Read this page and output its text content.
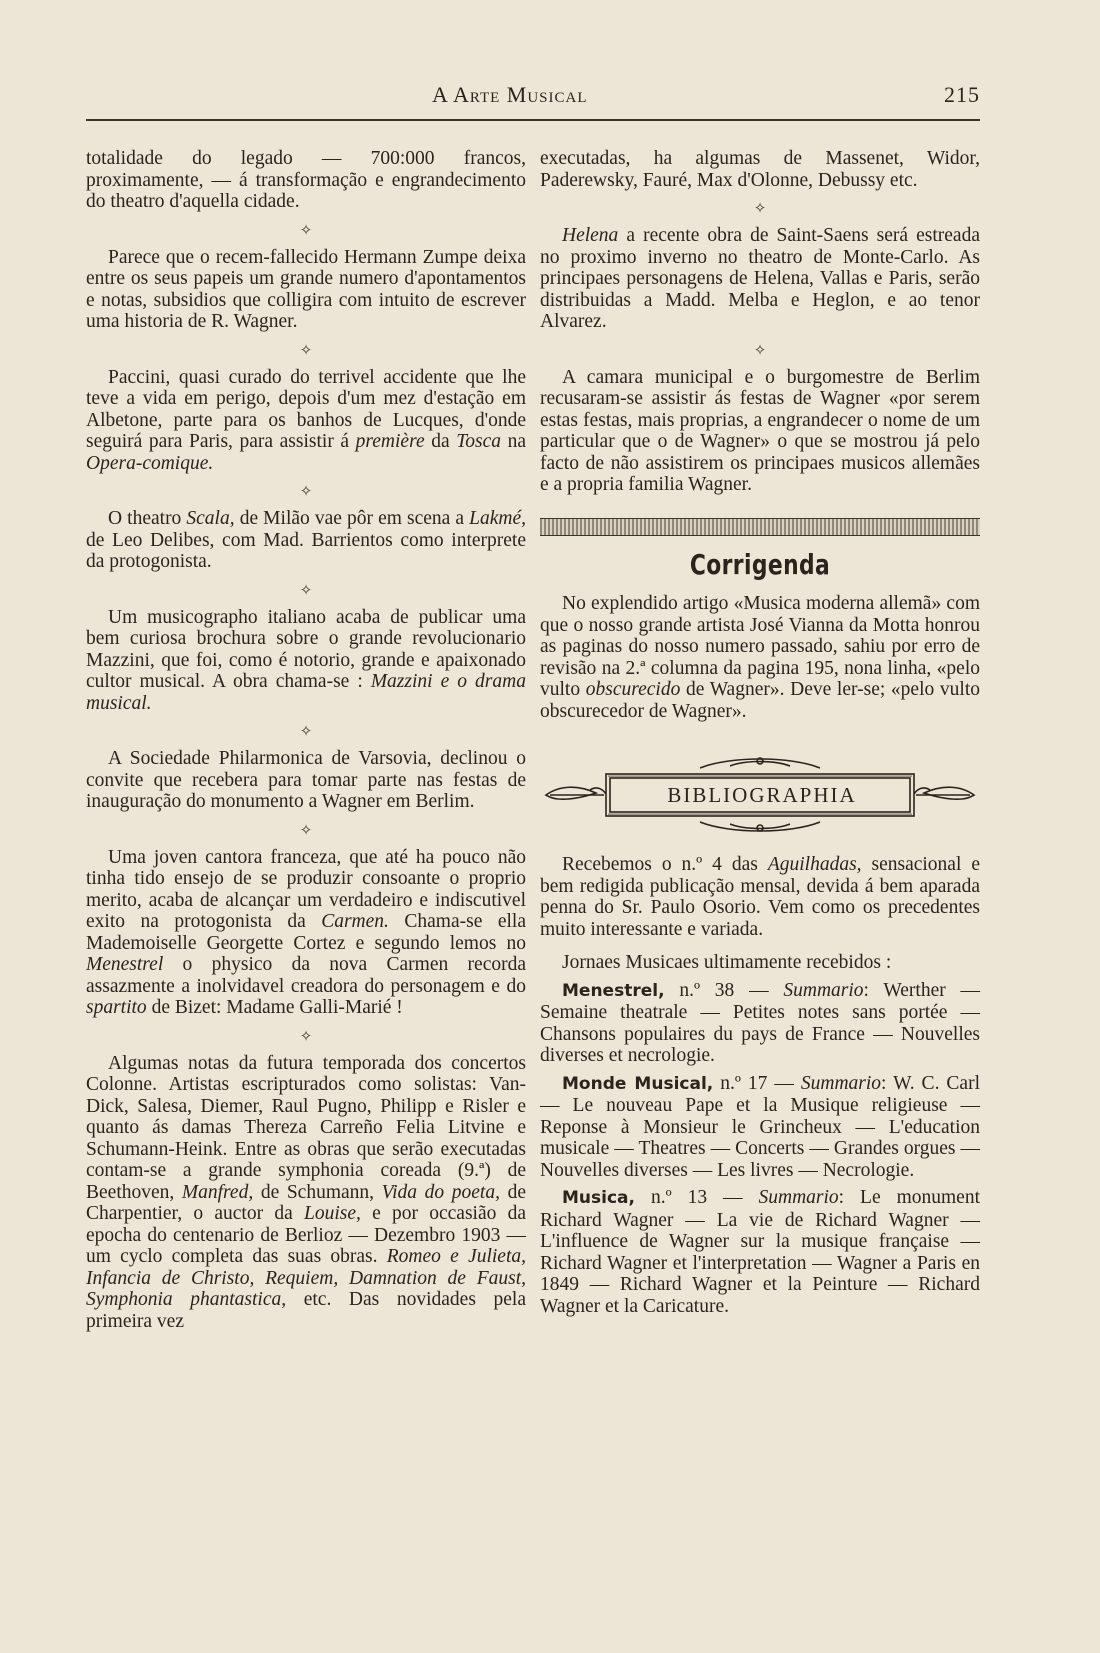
A Arte Musical	215

totalidade do legado — 700:000 francos, proximamente, — á transformação e engrandecimento do theatro d'aquella cidade.

✧

Parece que o recem-fallecido Hermann Zumpe deixa entre os seus papeis um grande numero d'apontamentos e notas, subsidios que colligira com intuito de escrever uma historia de R. Wagner.

✧

Paccini, quasi curado do terrivel accidente que lhe teve a vida em perigo, depois d'um mez d'estação em Albetone, parte para os banhos de Lucques, d'onde seguirá para Paris, para assistir á première da Tosca na Opera-comique.

✧

O theatro Scala, de Milão vae pôr em scena a Lakmé, de Leo Delibes, com Mad. Barrientos como interprete da protogonista.

✧

Um musicographo italiano acaba de publicar uma bem curiosa brochura sobre o grande revolucionario Mazzini, que foi, como é notorio, grande e apaixonado cultor musical. A obra chama-se : Mazzini e o drama musical.

✧

A Sociedade Philarmonica de Varsovia, declinou o convite que recebera para tomar parte nas festas de inauguração do monumento a Wagner em Berlim.

✧

Uma joven cantora franceza, que até ha pouco não tinha tido ensejo de se produzir consoante o proprio merito, acaba de alcançar um verdadeiro e indiscutivel exito na protogonista da Carmen. Chama-se ella Mademoiselle Georgette Cortez e segundo lemos no Menestrel o physico da nova Carmen recorda assazmente a inolvidavel creadora do personagem e do spartito de Bizet: Madame Galli-Marié !

✧

Algumas notas da futura temporada dos concertos Colonne. Artistas escripturados como solistas: Van-Dick, Salesa, Diemer, Raul Pugno, Philipp e Risler e quanto ás damas Thereza Carreño Felia Litvine e Schumann-Heink. Entre as obras que serão executadas contam-se a grande symphonia coreada (9.ª) de Beethoven, Manfred, de Schumann, Vida do poeta, de Charpentier, o auctor da Louise, e por occasião da epocha do centenario de Berlioz — Dezembro 1903 — um cyclo completa das suas obras. Romeo e Julieta, Infancia de Christo, Requiem, Damnation de Faust, Symphonia phantastica, etc. Das novidades pela primeira vez

executadas, ha algumas de Massenet, Widor, Paderewsky, Fauré, Max d'Olonne, Debussy etc.

✧

Helena a recente obra de Saint-Saens será estreada no proximo inverno no theatro de Monte-Carlo. As principaes personagens de Helena, Vallas e Paris, serão distribuidas a Madd. Melba e Heglon, e ao tenor Alvarez.

✧

A camara municipal e o burgomestre de Berlim recusaram-se assistir ás festas de Wagner «por serem estas festas, mais proprias, a engrandecer o nome de um particular que o de Wagner» o que se mostrou já pelo facto de não assistirem os principaes musicos allemães e a propria familia Wagner.

Corrigenda

No explendido artigo «Musica moderna allemã» com que o nosso grande artista José Vianna da Motta honrou as paginas do nosso numero passado, sahiu por erro de revisão na 2.ª columna da pagina 195, nona linha, «pelo vulto obscurecido de Wagner». Deve ler-se; «pelo vulto obscurecedor de Wagner».

BIBLIOGRAPHIA

Recebemos o n.º 4 das Aguilhadas, sensacional e bem redigida publicação mensal, devida á bem aparada penna do Sr. Paulo Osorio. Vem como os precedentes muito interessante e variada.

Jornaes Musicaes ultimamente recebidos :

Menestrel, n.º 38 — Summario: Werther — Semaine theatrale — Petites notes sans portée — Chansons populaires du pays de France — Nouvelles diverses et necrologie.

Monde Musical, n.º 17 — Summario: W. C. Carl — Le nouveau Pape et la Musique religieuse — Reponse à Monsieur le Grincheux — L'education musicale — Theatres — Concerts — Grandes orgues — Nouvelles diverses — Les livres — Necrologie.

Musica, n.º 13 — Summario: Le monument Richard Wagner — La vie de Richard Wagner — L'influence de Wagner sur la musique française — Richard Wagner et l'interpretation — Wagner a Paris en 1849 — Richard Wagner et la Peinture — Richard Wagner et la Caricature.
